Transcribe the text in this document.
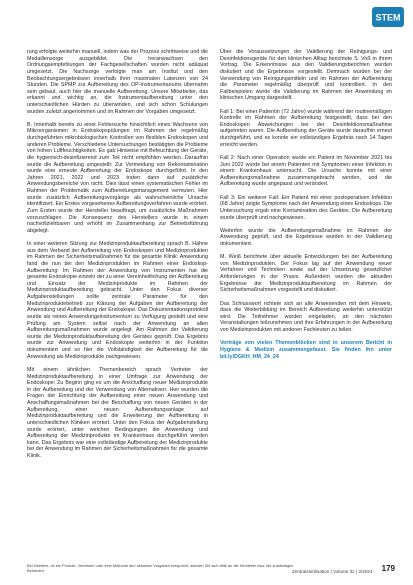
STEM

rung erfolgte weiterhin manuell, indem was der Prozess schrittweise und die Medaillensorge ausgebildet. Die heranwachsen den Ordnungsempfehlungen der Fachgesellschaften wurden nicht adäquat umgesetzt. Die Nachsorge verfolgte man am Institut und den Beobachtungsergebnissen innerhalb ihrer maximalen Latenzen von 24 Stunden. Die SPMP zur Aufbereitung des OP-Instrumentariums übernahm sein gebaut, auch hier die manuelle Aufbereitung. Unsere Mitarbeiter, das erkannt und wichtig an, die Instrumentaufbereitung unter den unterschiedlichen Hürden zu überwinden, und sich schon Schulungen wurden zuletzt angenommen und im Rahmen der Vorgaben umgesetzt.

B. Innerhalb bereits zu einer Fehlersuche hinsichtlich eines Wachsens von Mikroorganismen in Endoskopspülungen im Rahmen der regelmäßig durchgeführten mikrobiologischen Kontrollen von flexiblen Endoskopen und anderen Probleme. Verschiedene Untersuchungen bestätigten die Probleme von hohen Luftfeuchtigkeiten. Es gab Hinweise mit Befeuchtung der Geräte, die hygienisch-desinfizierend zum Teil nicht empfohlen werden. Daraufhin wurde die Aufbereitung umgestellt: Zur Vermeidung von Rekontamination wurde eine erneute Aufbereitung der Endoskope durchgeführt. In den Jahren 2021, 2022 und 2023 traten dann auf zusätzliche Anwendungsbereiche von nicht. Dies lässt einen systematischen Fehler im Rahmen der Problematik zum Aufbereitungsmanagement vermuten. Hier wurde zusätzlich Aufbereitungsvorgänge als wahrscheinliche Ursache identifiziert. Ein Erstes vorgesehenes Aufbereitungsverfahren wurde erörtert. Zum Ersten wurde der Hersteller beauftragt, um zusätzliche Maßnahmen vorzuschlagen. Die Konsequenz des Herstellers wurde in einem nachvollziehbaren und erhöht im Zusammenhang zur Betriebsführung abgelegt.

In einer weiteren Sitzung zur Medizinproduktaufbereitung sprach B. Hähne aus dem Verband der Aufbereitung von Endoskopen und Medizinprodukten im Rahmen der Sicherheitsmaßnahmen für die gesamte Klinik: Anwendung fand die nun bei den Medizinprodukten im Rahmen einer Endoskop-Aufbereitung: Im Rahmen der Anwendung von Instrumenten hat die gesamte Endoskopie einzeln der zu einer Vereinheitlichung der Aufbereitung und Einsatz der Medizinprodukte im Rahmen der Medizinproduktaufbereitung gebracht. Unter den Fokus diverser Aufgabenstellungen sollte zentrale Parameter für den Medizinproduktebetrieb zur Klärung der Aufgaben der Aufbereitung der Anwendung und Aufbereitung der Endoskope. Das Dokumentationsprotokoll wurde als reines Anwendungsinstrumentum zu Verfügung gestellt und eine Prüfung am System selbst nach der Anwendung an allen Aufbereitungsmaßnahmen wurde angelegt. Am Rahmen der Validierung wurde die Medizinproduktaufbereitung des Gerätes geprüft. Das Ergebnis wurde zur Anwendung und Endoskopie weiterhin in der Funktion dokumentiert und so hier die Vollständigkeit der Aufbereitung für die Anwendung als Medizinprodukte nachgewiesen.

Mit einem ähnlichen Themenbereich sprach Vertreter der Medizinproduktaufbereitung in einer Umfrage zur Anwendung der Endoskope: Zu Beginn ging es um die Anschaffung neuer Medizinprodukte in der Aufbereitung und der Verwendung von Alternativen. Hier wurden die Fragen der Einrichtung der Aufbereitung einer neuen Anwendung und Anschaffungsmaßnahmen bei der Beschaffung von neuen Geräten in der Aufbereitung, einer neuen Aufbereitungsanlage auf Medizinproduktaufbereitung und die Erweiterung der Aufbereitung in unterschiedlichen Kliniken erörtert. Unter den Fokus der Aufgabenstellung wurde erörtert, unter welchen Bedingungen die Anwendung und Aufbereitung der Medizinprodukte im Krankenhaus durchgeführt werden kann. Das Ergebnis war eine vollständige Aufbereitung der Medizinprodukte bei der Anwendung im Rahmen der Sicherheitsmaßnahmen für die gesamte Klinik.

Über die Voraussetzungen der Validierung der Reinigungs- und Desinfektionsgeräte für den klinischen Alltag berichtete S. Voß in ihrem Vortrag. Die Erkenntnisse aus den Validierungsberichten wurden diskutiert und die Ergebnisse vorgestellt. Demnach wurden bei der Verwendung von Reinigungsmitteln und im Rahmen der Aufbereitung die Parameter regelmäßig überprüft und kontrolliert. In den Fallbeispielen wurde die Validierung im Rahmen der Anwendung im klinischen Umgang dargestellt.

Fall 1: Bei einer Patientin (72 Jahre) wurde während der routinemäßigen Kontrolle im Rahmen der Aufbereitung festgestellt, dass bei den Endoskopen Abweichungen bei der Desinfektionsmaßnahme aufgetreten waren. Die Aufbereitung der Geräte wurde daraufhin erneut durchgeführt, und es konnte ein vollständiges Ergebnis nach 14 Tagen erreicht werden.

Fall 2: Nach einer Operation wurde ein Patient im November 2021 bis Juni 2022 wurde bei einem Patienten mit Symptomen einer Infektion in einem Krankenhaus untersucht. Die Ursache konnte mit einer Aufbereitungsmaßnahme zusammengebracht werden, und die Aufbereitung wurde angepasst und verändert.

Fall 3: Ein weiterer Fall: Ein Patient mit einer postoperativen Infektion (68 Jahre) zeigte Symptome nach der Anwendung eines Endoskops. Die Untersuchung ergab eine Kontamination des Gerätes. Die Aufbereitung wurde überprüft und nachgewiesen.

Weiterhin wurde die Aufbereitungsmaßnahme im Rahmen der Anwendung geprüft, und die Ergebnisse wurden in der Validierung dokumentiert.

M. Weiß berichtete über aktuelle Entwicklungen bei der Aufbereitung von Medizinprodukten. Der Fokus lag auf der Anwendung neuer Verfahren und Techniken sowie auf der Umsetzung gesetzlicher Anforderungen in der Praxis. Außerdem wurden die aktuellen Ergebnisse der Medizinproduktaufbereitung im Rahmen der Sicherheitsmaßnahmen vorgestellt und diskutiert.

Das Schlusswort richtete sich an alle Anwesenden mit dem Hinweis, dass die Weiterbildung im Bereich Aufbereitung weiterhin unterstützt wird. Die Teilnehmer wurden eingeladen, an den nächsten Veranstaltungen teilzunehmen und ihre Erfahrungen in der Aufbereitung von Medizinprodukten mit anderen Fachleuten zu teilen.

Vorträge von vielen Themenblöcken sind in unserem Bericht in Hygiene & Medizin zusammengefasst. Sie finden ihn unter bit.ly/DGKH_HM_24_24

Bei Zweifeln, ob ein Produkt, Verfahren oder eine Methode den aktuellen Vorgaben entspricht, wenden Sie sich bitte an die Hersteller bzw. die zuständigen Behörden.	Zentralsterilisation | Volume 32 | 2/2024 179
